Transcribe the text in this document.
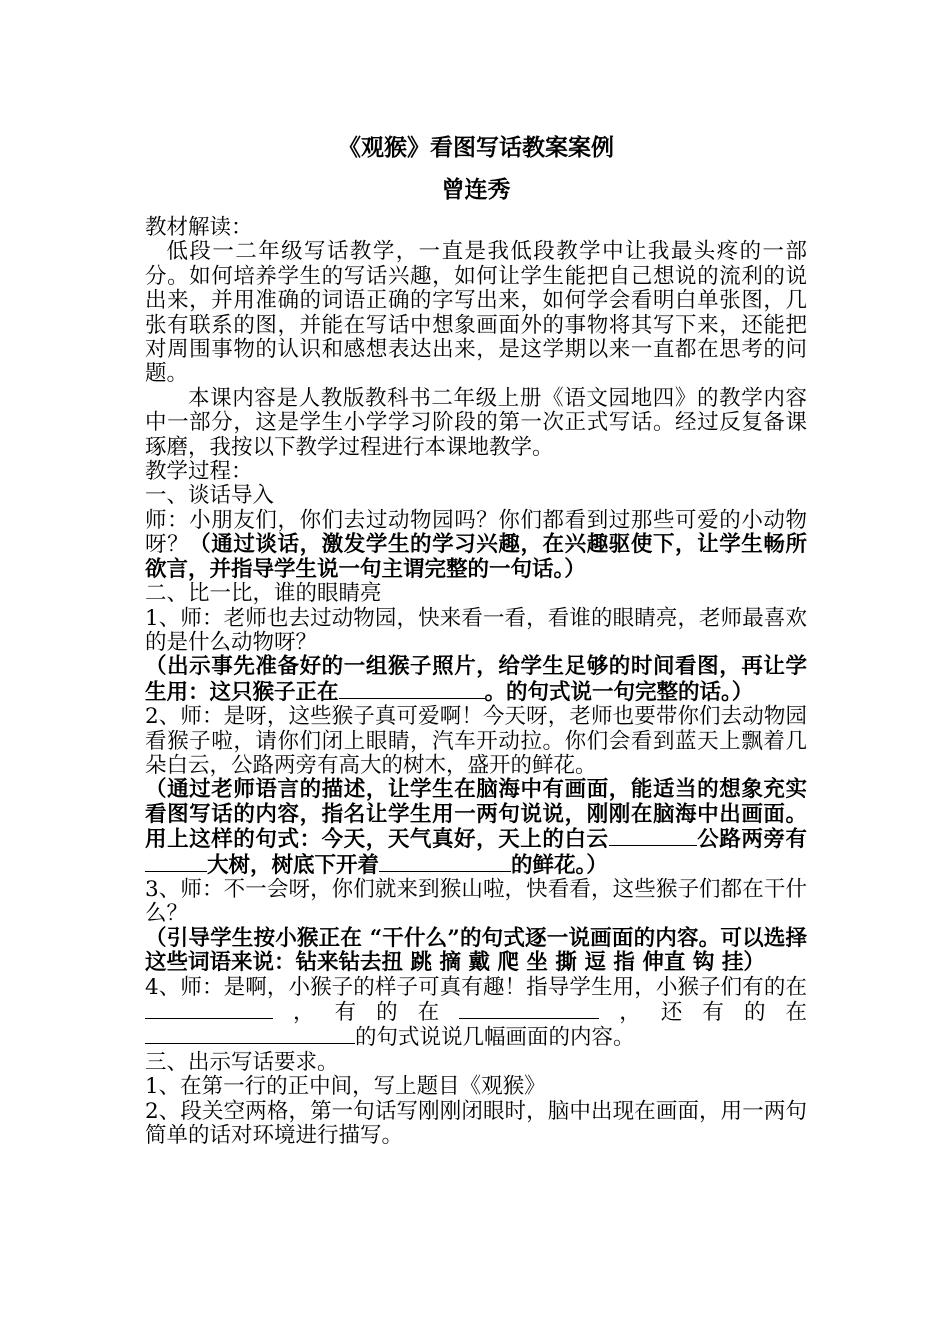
《观猴》看图写话教案案例

曾连秀

教材解读：

低段一二年级写话教学，一直是我低段教学中让我最头疼的一部分。如何培养学生的写话兴趣，如何让学生能把自己想说的流利的说出来，并用准确的词语正确的字写出来，如何学会看明白单张图，几张有联系的图，并能在写话中想象画面外的事物将其写下来，还能把对周围事物的认识和感想表达出来，是这学期以来一直都在思考的问题。

本课内容是人教版教科书二年级上册《语文园地四》的教学内容中一部分，这是学生小学学习阶段的第一次正式写话。经过反复备课琢磨，我按以下教学过程进行本课地教学。

教学过程：

一、谈话导入

师：小朋友们，你们去过动物园吗？你们都看到过那些可爱的小动物呀？（通过谈话，激发学生的学习兴趣，在兴趣驱使下，让学生畅所欲言，并指导学生说一句主谓完整的一句话。）

二、比一比，谁的眼睛亮

1、师：老师也去过动物园，快来看一看，看谁的眼睛亮，老师最喜欢的是什么动物呀？

（出示事先准备好的一组猴子照片，给学生足够的时间看图，再让学生用：这只猴子正在	。的句式说一句完整的话。）

2、师：是呀，这些猴子真可爱啊！今天呀，老师也要带你们去动物园看猴子啦，请你们闭上眼睛，汽车开动拉。你们会看到蓝天上飘着几朵白云，公路两旁有高大的树木，盛开的鲜花。

（通过老师语言的描述，让学生在脑海中有画面，能适当的想象充实看图写话的内容，指名让学生用一两句说说，刚刚在脑海中出画面。用上这样的句式：今天，天气真好，天上的白云	公路两旁有大树，树底下开着	的鲜花。）

3、师：不一会呀，你们就来到猴山啦，快看看，这些猴子们都在干什么？

（引导学生按小猴正在 “干什么”的句式逐一说画面的内容。可以选择这些词语来说：钻来钻去扭 跳 摘 戴 爬 坐 撕 逗 指 伸直 钩 挂）

4、师：是啊，小猴子的样子可真有趣！指导学生用，小猴子们有的在，有的在	，还有的在的句式说说几幅画面的内容。

三、出示写话要求。

1、在第一行的正中间，写上题目《观猴》

2、段关空两格，第一句话写刚刚闭眼时，脑中出现在画面，用一两句简单的话对环境进行描写。
